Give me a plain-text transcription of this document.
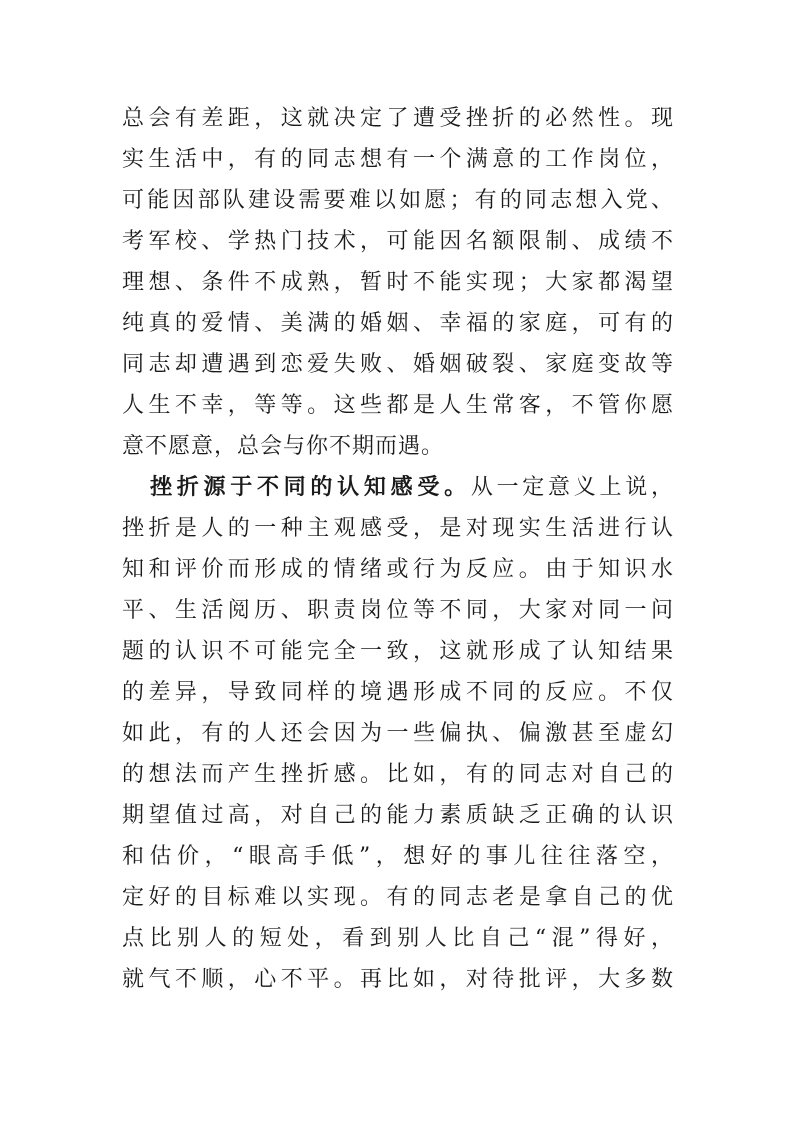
总会有差距，这就决定了遭受挫折的必然性。现
实生活中，有的同志想有一个满意的工作岗位，
可能因部队建设需要难以如愿；有的同志想入党、
考军校、学热门技术，可能因名额限制、成绩不
理想、条件不成熟，暂时不能实现；大家都渴望
纯真的爱情、美满的婚姻、幸福的家庭，可有的
同志却遭遇到恋爱失败、婚姻破裂、家庭变故等
人生不幸，等等。这些都是人生常客，不管你愿
意不愿意，总会与你不期而遇。
挫折源于不同的认知感受。从一定意义上说，
挫折是人的一种主观感受，是对现实生活进行认
知和评价而形成的情绪或行为反应。由于知识水
平、生活阅历、职责岗位等不同，大家对同一问
题的认识不可能完全一致，这就形成了认知结果
的差异，导致同样的境遇形成不同的反应。不仅
如此，有的人还会因为一些偏执、偏激甚至虚幻
的想法而产生挫折感。比如，有的同志对自己的
期望值过高，对自己的能力素质缺乏正确的认识
和估价，“眼高手低”，想好的事儿往往落空，
定好的目标难以实现。有的同志老是拿自己的优
点比别人的短处，看到别人比自己“混”得好，
就气不顺，心不平。再比如，对待批评，大多数
